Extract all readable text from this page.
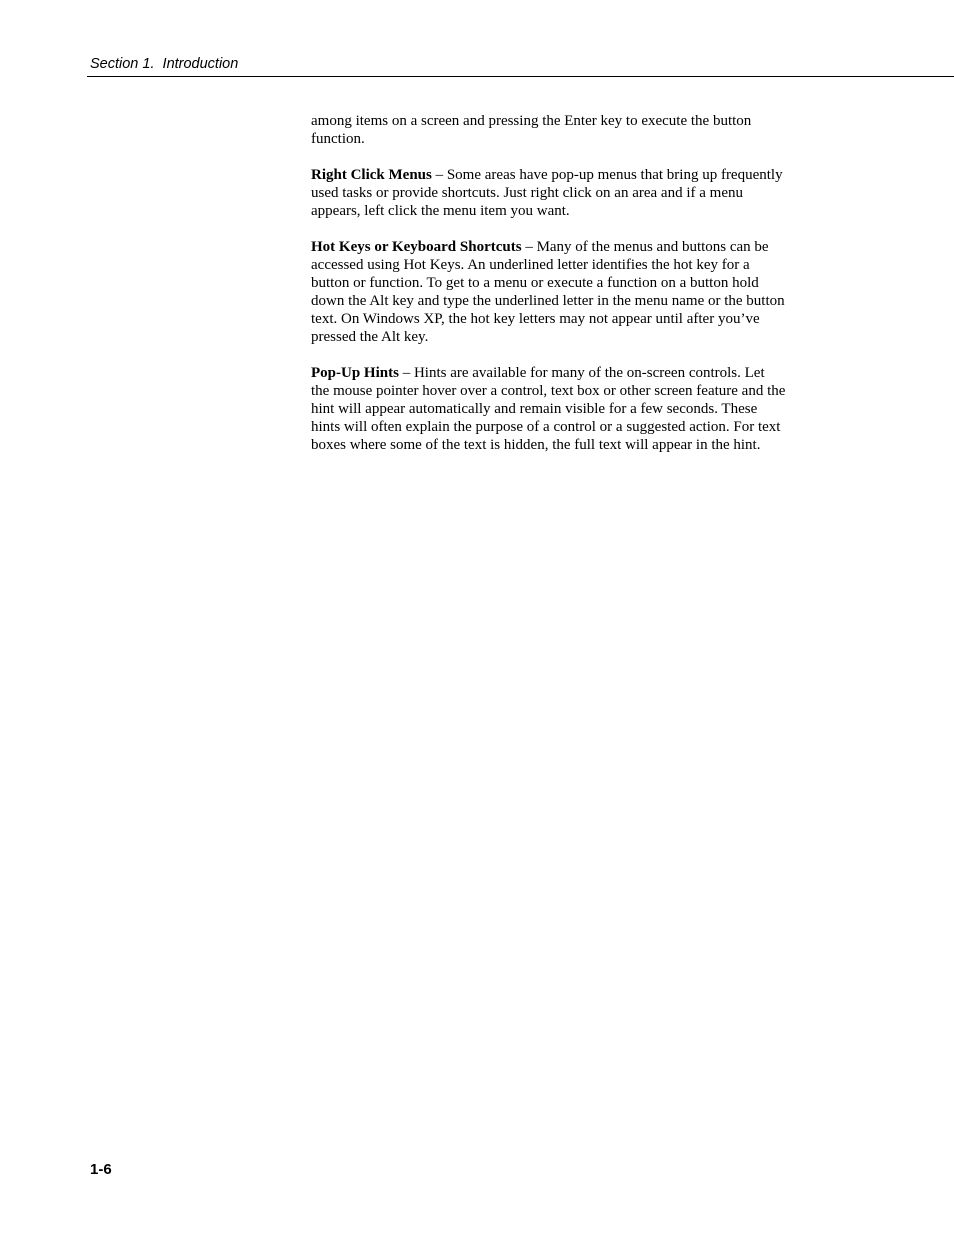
Section 1.  Introduction

among items on a screen and pressing the Enter key to execute the button
function.

Right Click Menus – Some areas have pop-up menus that bring up frequently
used tasks or provide shortcuts. Just right click on an area and if a menu
appears, left click the menu item you want.

Hot Keys or Keyboard Shortcuts – Many of the menus and buttons can be
accessed using Hot Keys. An underlined letter identifies the hot key for a
button or function. To get to a menu or execute a function on a button hold
down the Alt key and type the underlined letter in the menu name or the button
text. On Windows XP, the hot key letters may not appear until after you’ve
pressed the Alt key.

Pop-Up Hints – Hints are available for many of the on-screen controls. Let
the mouse pointer hover over a control, text box or other screen feature and the
hint will appear automatically and remain visible for a few seconds. These
hints will often explain the purpose of a control or a suggested action. For text
boxes where some of the text is hidden, the full text will appear in the hint.

1-6
